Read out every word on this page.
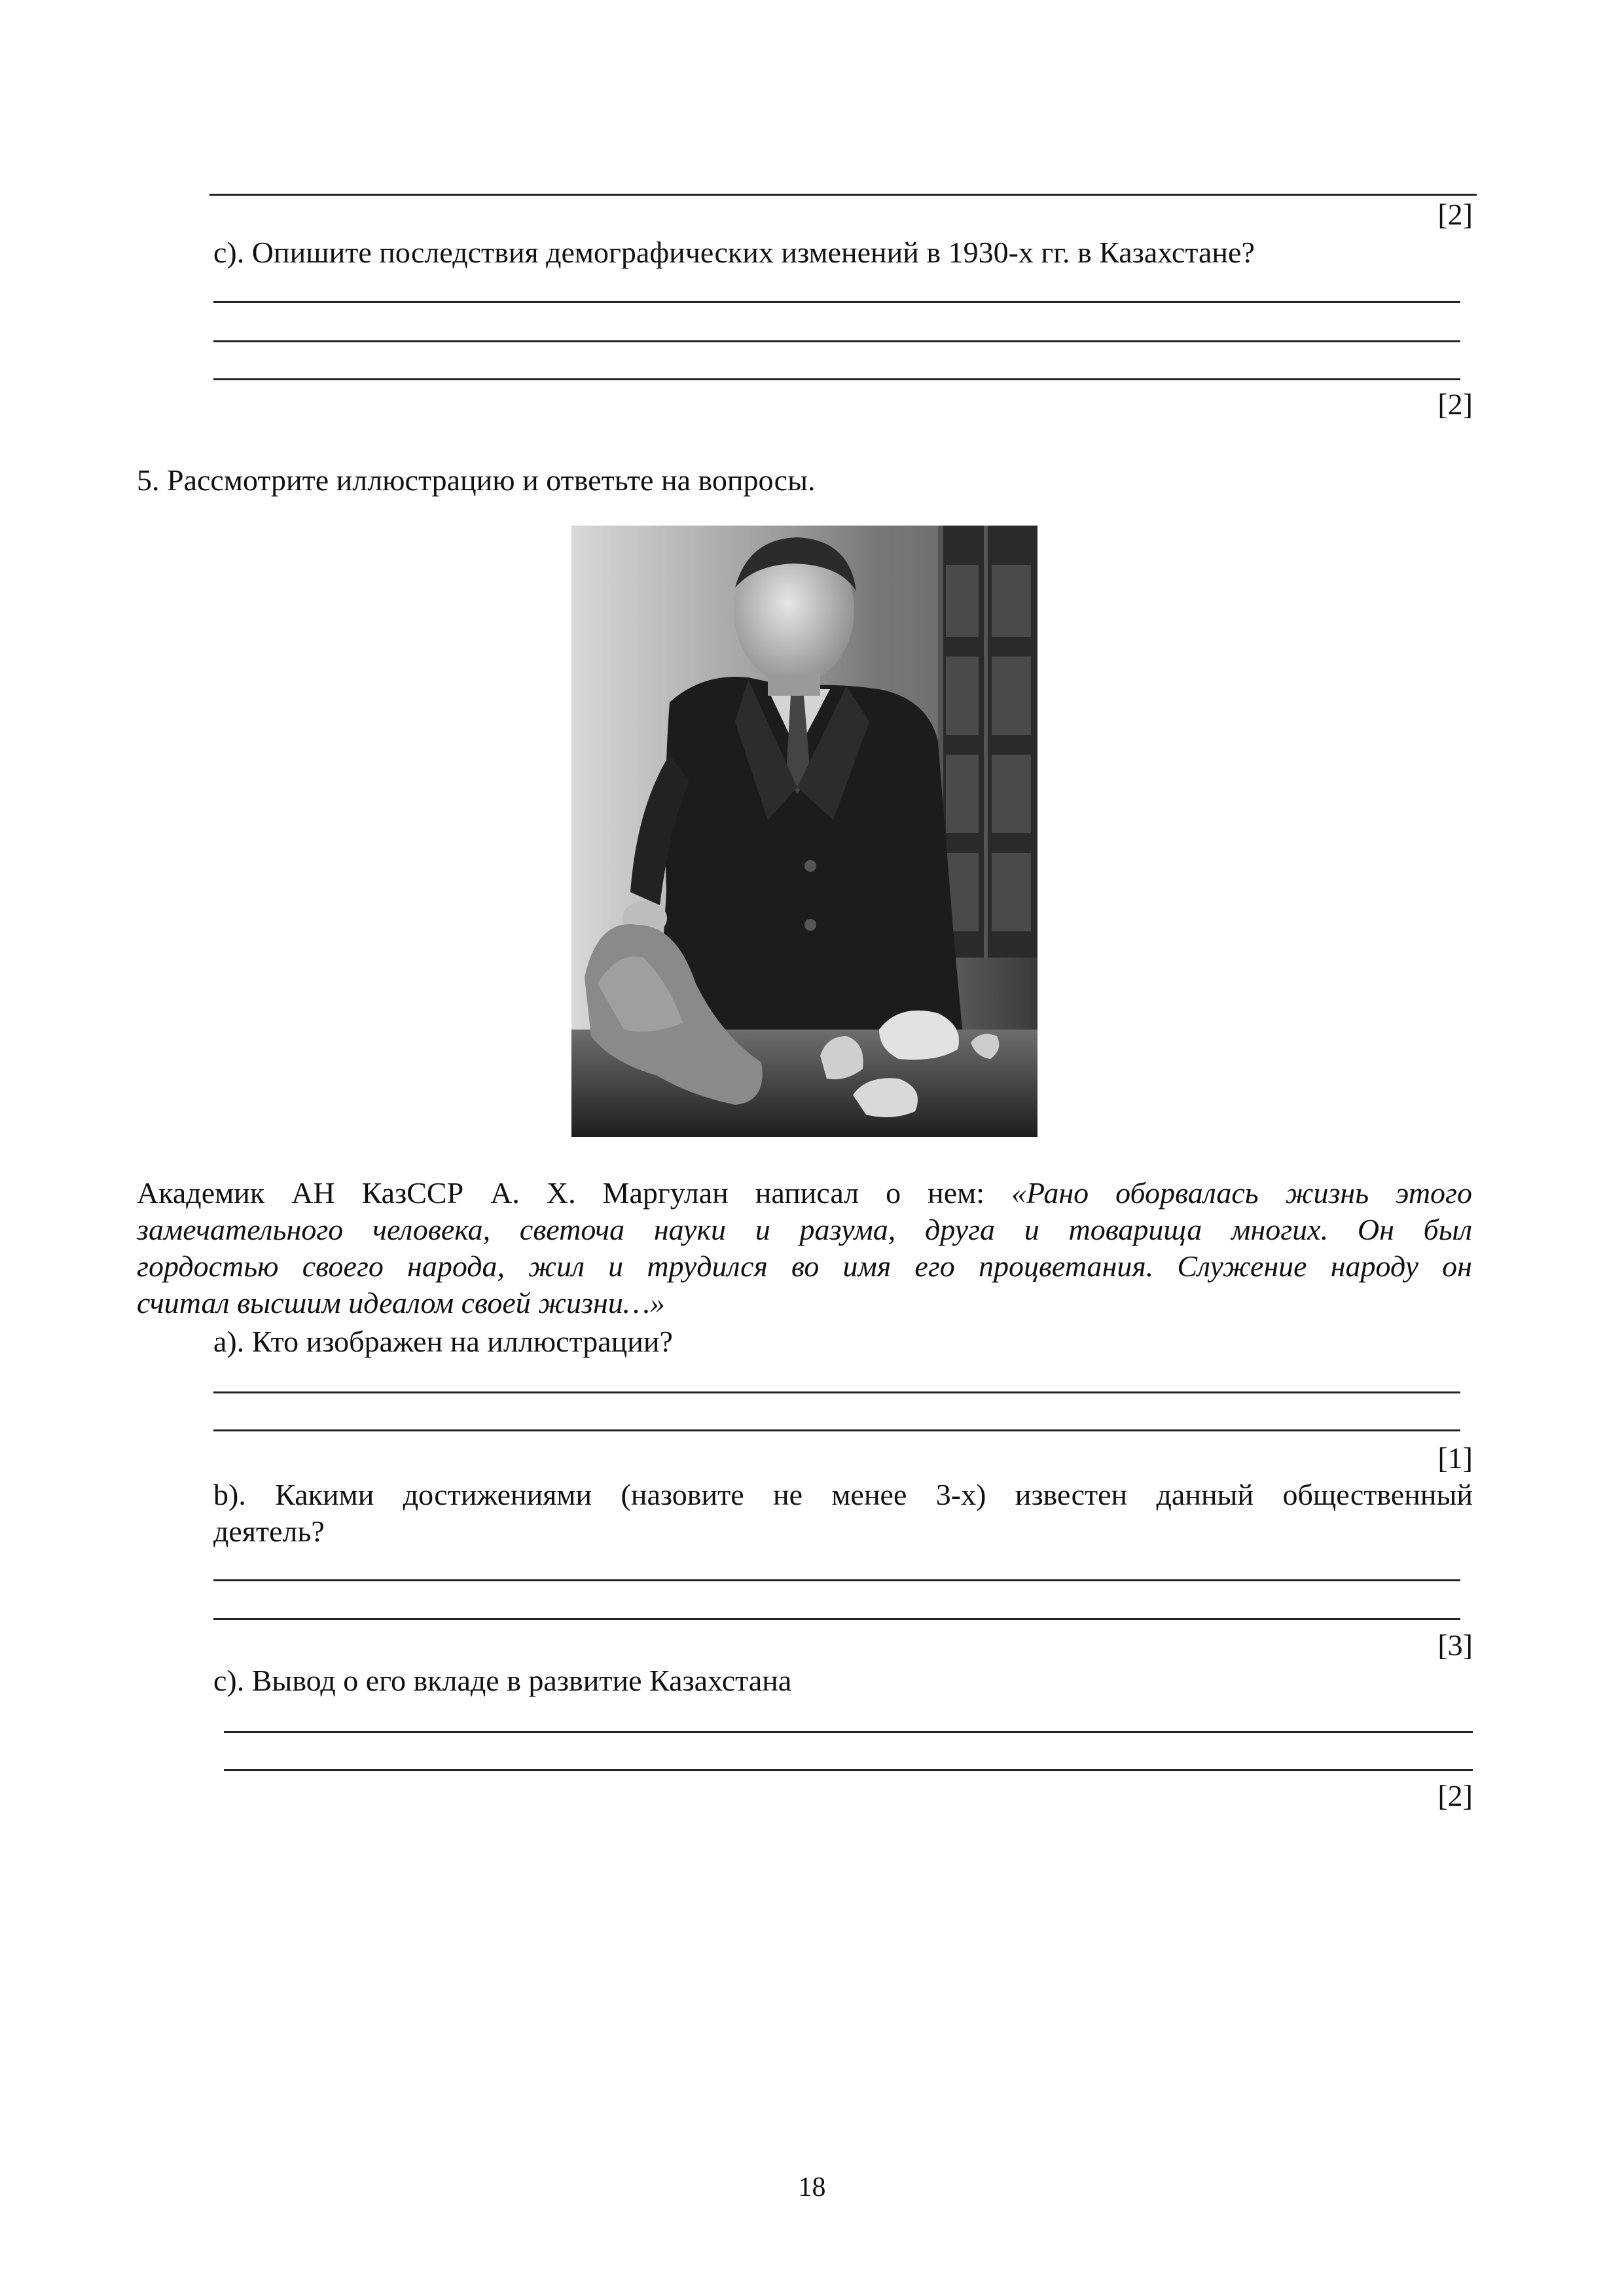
[2]
c). Опишите последствия демографических изменений в 1930-х гг. в Казахстане?
[2]
5. Рассмотрите иллюстрацию и ответьте на вопросы.
Академик АН КазССР А. Х. Маргулан написал о нем: «Рано оборвалась жизнь этого
замечательного человека, светоча науки и разума, друга и товарища многих. Он был
гордостью своего народа, жил и трудился во имя его процветания. Служение народу он
считал высшим идеалом своей жизни…»
a). Кто изображен на иллюстрации?
[1]
b). Какими достижениями (назовите не менее 3-х) известен данный общественный
деятель?
[3]
c). Вывод о его вкладе в развитие Казахстана
[2]
18
